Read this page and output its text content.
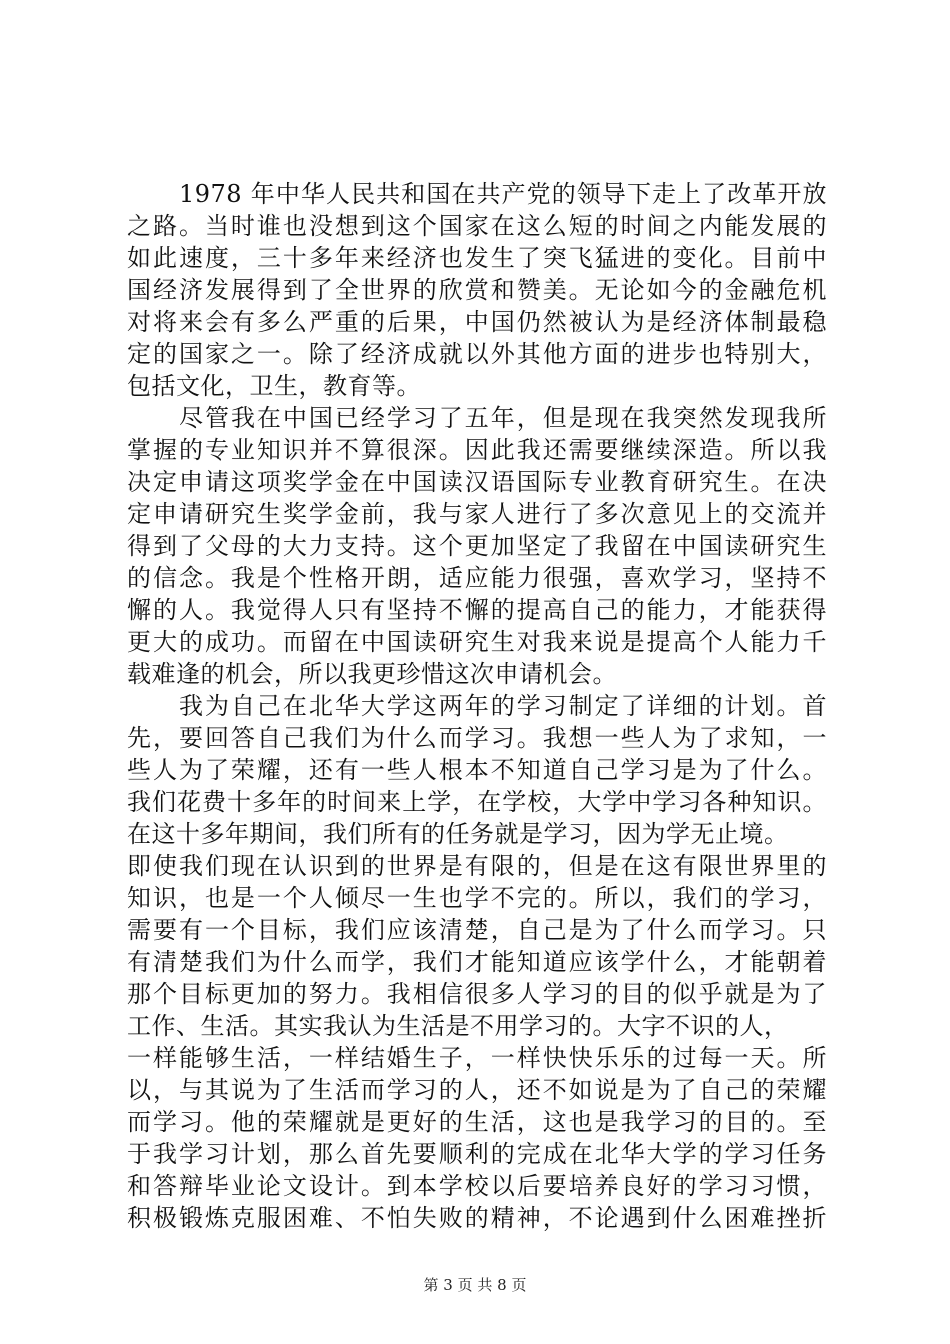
1978 年中华人民共和国在共产党的领导下走上了改革开放
之路。当时谁也没想到这个国家在这么短的时间之内能发展的
如此速度，三十多年来经济也发生了突飞猛进的变化。目前中
国经济发展得到了全世界的欣赏和赞美。无论如今的金融危机
对将来会有多么严重的后果，中国仍然被认为是经济体制最稳
定的国家之一。除了经济成就以外其他方面的进步也特别大，
包括文化，卫生，教育等。
尽管我在中国已经学习了五年，但是现在我突然发现我所
掌握的专业知识并不算很深。因此我还需要继续深造。所以我
决定申请这项奖学金在中国读汉语国际专业教育研究生。在决
定申请研究生奖学金前，我与家人进行了多次意见上的交流并
得到了父母的大力支持。这个更加坚定了我留在中国读研究生
的信念。我是个性格开朗，适应能力很强，喜欢学习，坚持不
懈的人。我觉得人只有坚持不懈的提高自己的能力，才能获得
更大的成功。而留在中国读研究生对我来说是提高个人能力千
载难逢的机会，所以我更珍惜这次申请机会。
我为自己在北华大学这两年的学习制定了详细的计划。首
先，要回答自己我们为什么而学习。我想一些人为了求知，一
些人为了荣耀，还有一些人根本不知道自己学习是为了什么。
我们花费十多年的时间来上学，在学校，大学中学习各种知识。
在这十多年期间，我们所有的任务就是学习，因为学无止境。
即使我们现在认识到的世界是有限的，但是在这有限世界里的
知识，也是一个人倾尽一生也学不完的。所以，我们的学习，
需要有一个目标，我们应该清楚，自己是为了什么而学习。只
有清楚我们为什么而学，我们才能知道应该学什么，才能朝着
那个目标更加的努力。我相信很多人学习的目的似乎就是为了
工作、生活。其实我认为生活是不用学习的。大字不识的人，
一样能够生活，一样结婚生子，一样快快乐乐的过每一天。所
以，与其说为了生活而学习的人，还不如说是为了自己的荣耀
而学习。他的荣耀就是更好的生活，这也是我学习的目的。至
于我学习计划，那么首先要顺利的完成在北华大学的学习任务
和答辩毕业论文设计。到本学校以后要培养良好的学习习惯，
积极锻炼克服困难、不怕失败的精神，不论遇到什么困难挫折
第 3 页 共 8 页
